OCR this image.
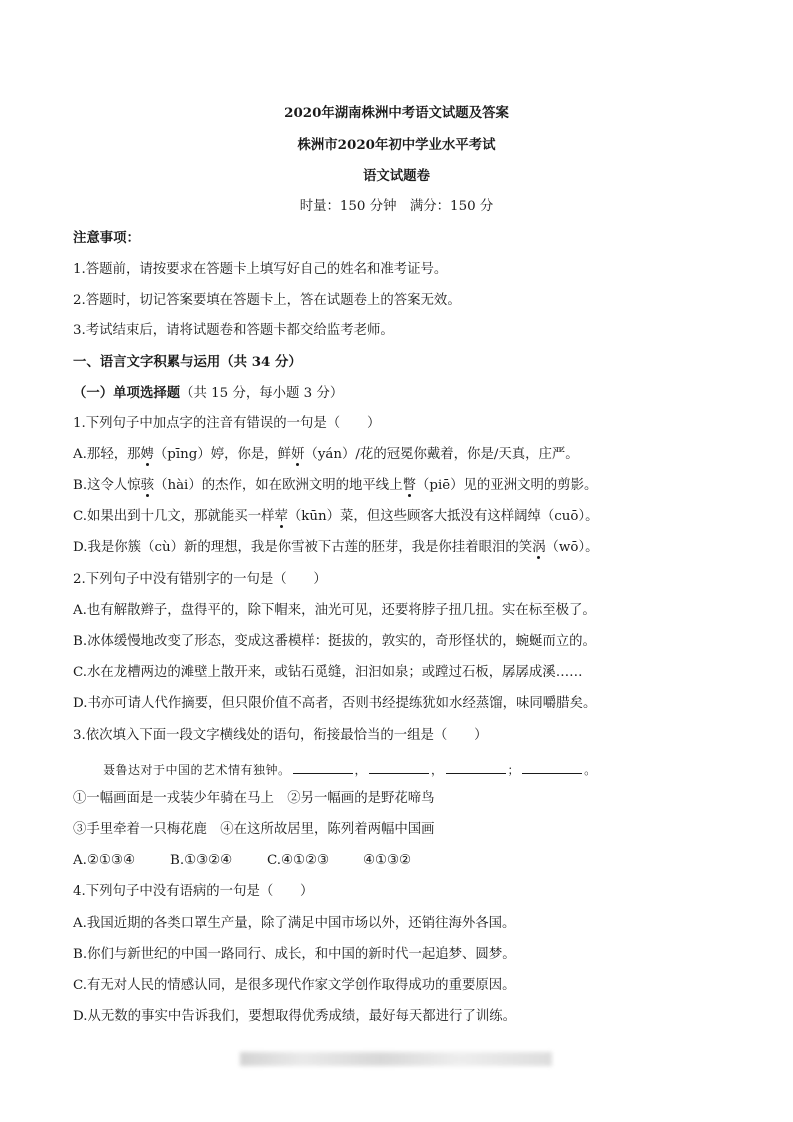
2020年湖南株洲中考语文试题及答案
株洲市2020年初中学业水平考试
语文试题卷
时量：150 分钟　满分：150 分
注意事项：
1.答题前，请按要求在答题卡上填写好自己的姓名和准考证号。
2.答题时，切记答案要填在答题卡上，答在试题卷上的答案无效。
3.考试结束后，请将试题卷和答题卡都交给监考老师。
一、语言文字积累与运用（共 34 分）
（一）单项选择题（共 15 分，每小题 3 分）
1.下列句子中加点字的注音有错误的一句是（　　）
A.那轻，那娉（pīng）婷，你是，鲜妍（yán）/花的冠冕你戴着，你是/天真，庄严。
B.这令人惊骇（hài）的杰作，如在欧洲文明的地平线上瞥（piē）见的亚洲文明的剪影。
C.如果出到十几文，那就能买一样荤（kūn）菜，但这些顾客大抵没有这样阔绰（cuō）。
D.我是你簇（cù）新的理想，我是你雪被下古莲的胚芽，我是你挂着眼泪的笑涡（wō）。
2.下列句子中没有错别字的一句是（　　）
A.也有解散辫子，盘得平的，除下帽来，油光可见，还要将脖子扭几扭。实在标至极了。
B.冰体缓慢地改变了形态，变成这番模样：挺拔的，敦实的，奇形怪状的，蜿蜒而立的。
C.水在龙槽两边的滩壁上散开来，或钻石觅缝，汩汩如泉；或蹚过石板，孱孱成溪……
D.书亦可请人代作摘要，但只限价值不高者，否则书经提练犹如水经蒸馏，味同嚼腊矣。
3.依次填入下面一段文字横线处的语句，衔接最恰当的一组是（　　）
聂鲁达对于中国的艺术情有独钟。	，	，	；	。
①一幅画面是一戎装少年骑在马上　②另一幅画的是野花啼鸟
③手里牵着一只梅花鹿　④在这所故居里，陈列着两幅中国画
A.②①③④	B.①③②④	C.④①②③	④①③②
4.下列句子中没有语病的一句是（　　）
A.我国近期的各类口罩生产量，除了满足中国市场以外，还销往海外各国。
B.你们与新世纪的中国一路同行、成长，和中国的新时代一起追梦、圆梦。
C.有无对人民的情感认同，是很多现代作家文学创作取得成功的重要原因。
D.从无数的事实中告诉我们，要想取得优秀成绩，最好每天都进行了训练。
